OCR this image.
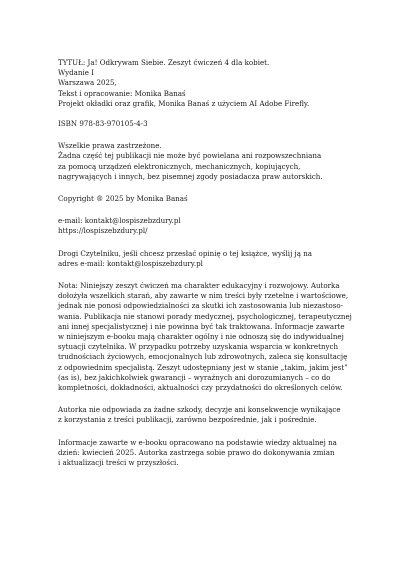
TYTUŁ: Ja! Odkrywam Siebie. Zeszyt ćwiczeń 4 dla kobiet.

Wydanie I

Warszawa 2025,

Tekst i opracowanie: Monika Banaś

Projekt okładki oraz grafik, Monika Banaś z użyciem AI Adobe Firefly.

ISBN 978-83-970105-4-3

Wszelkie prawa zastrzeżone.

Żadna część tej publikacji nie może być powielana ani rozpowszechniana

za pomocą urządzeń elektronicznych, mechanicznych, kopiujących,

nagrywających i innych, bez pisemnej zgody posiadacza praw autorskich.

Copyright ® 2025 by Monika Banaś

e-mail: kontakt@lospiszebzdury.pl

https://lospiszebzdury.pl/

Drogi Czytelniku, jeśli chcesz przesłać opinię o tej książce, wyślij ją na

adres e-mail: kontakt@lospiszebzdury.pl

Nota: Niniejszy zeszyt ćwiczeń ma charakter edukacyjny i rozwojowy. Autorka

dołożyła wszelkich starań, aby zawarte w nim treści były rzetelne i wartościowe,

jednak nie ponosi odpowiedzialności za skutki ich zastosowania lub niezastoso-

wania. Publikacja nie stanowi porady medycznej, psychologicznej, terapeutycznej

ani innej specjalistycznej i nie powinna być tak traktowana. Informacje zawarte

w niniejszym e-booku mają charakter ogólny i nie odnoszą się do indywidualnej

sytuacji czytelnika. W przypadku potrzeby uzyskania wsparcia w konkretnych

trudnościach życiowych, emocjonalnych lub zdrowotnych, zaleca się konsultację

z odpowiednim specjalistą. Zeszyt udostępniany jest w stanie „takim, jakim jest”

(as is), bez jakichkolwiek gwarancji – wyraźnych ani dorozumianych – co do

kompletności, dokładności, aktualności czy przydatności do określonych celów.

Autorka nie odpowiada za żadne szkody, decyzje ani konsekwencje wynikające

z korzystania z treści publikacji, zarówno bezpośrednie, jak i pośrednie.

Informacje zawarte w e-booku opracowano na podstawie wiedzy aktualnej na

dzień: kwiecień 2025. Autorka zastrzega sobie prawo do dokonywania zmian

i aktualizacji treści w przyszłości.
